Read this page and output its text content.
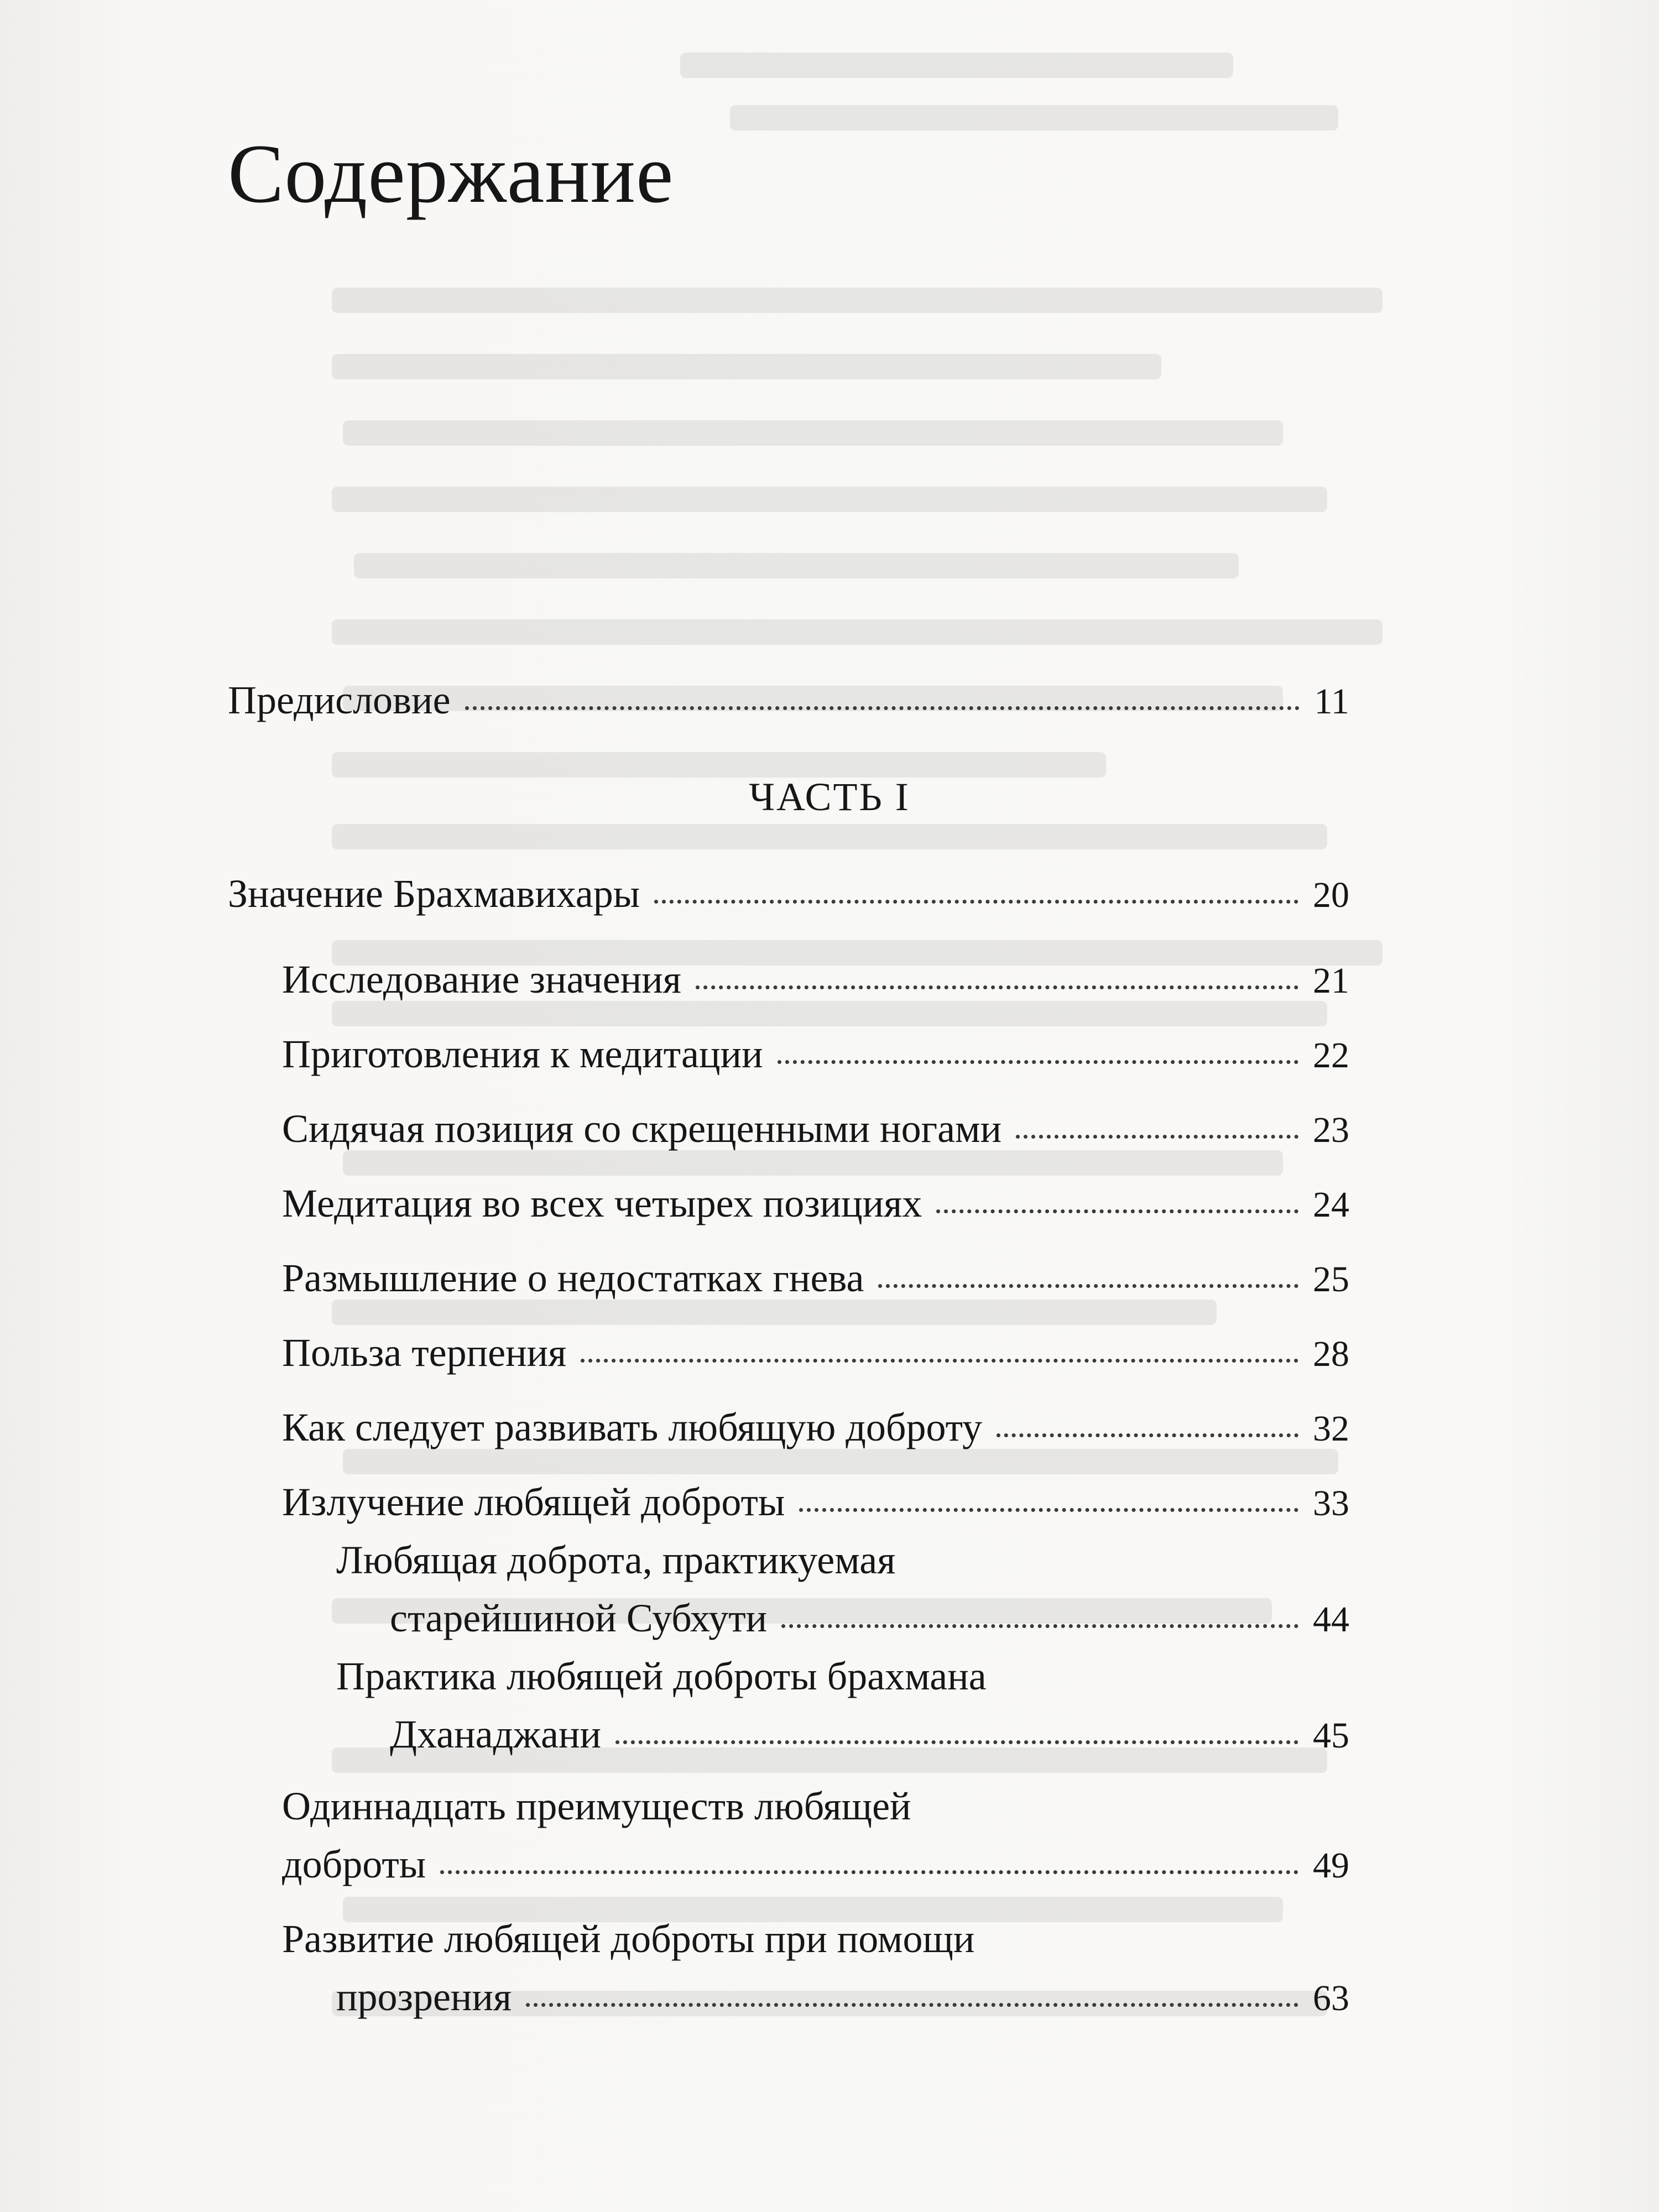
Содержание
Предисловие	11
ЧАСТЬ I
Значение Брахмавихары	20
Исследование значения	21
Приготовления к медитации	22
Сидячая позиция со скрещенными ногами	23
Медитация во всех четырех позициях	24
Размышление о недостатках гнева	25
Польза терпения	28
Как следует развивать любящую доброту	32
Излучение любящей доброты	33
Любящая доброта, практикуемая
старейшиной Субхути	44
Практика любящей доброты брахмана
Дханаджани	45
Одиннадцать преимуществ любящей
доброты	49
Развитие любящей доброты при помощи
прозрения	63
